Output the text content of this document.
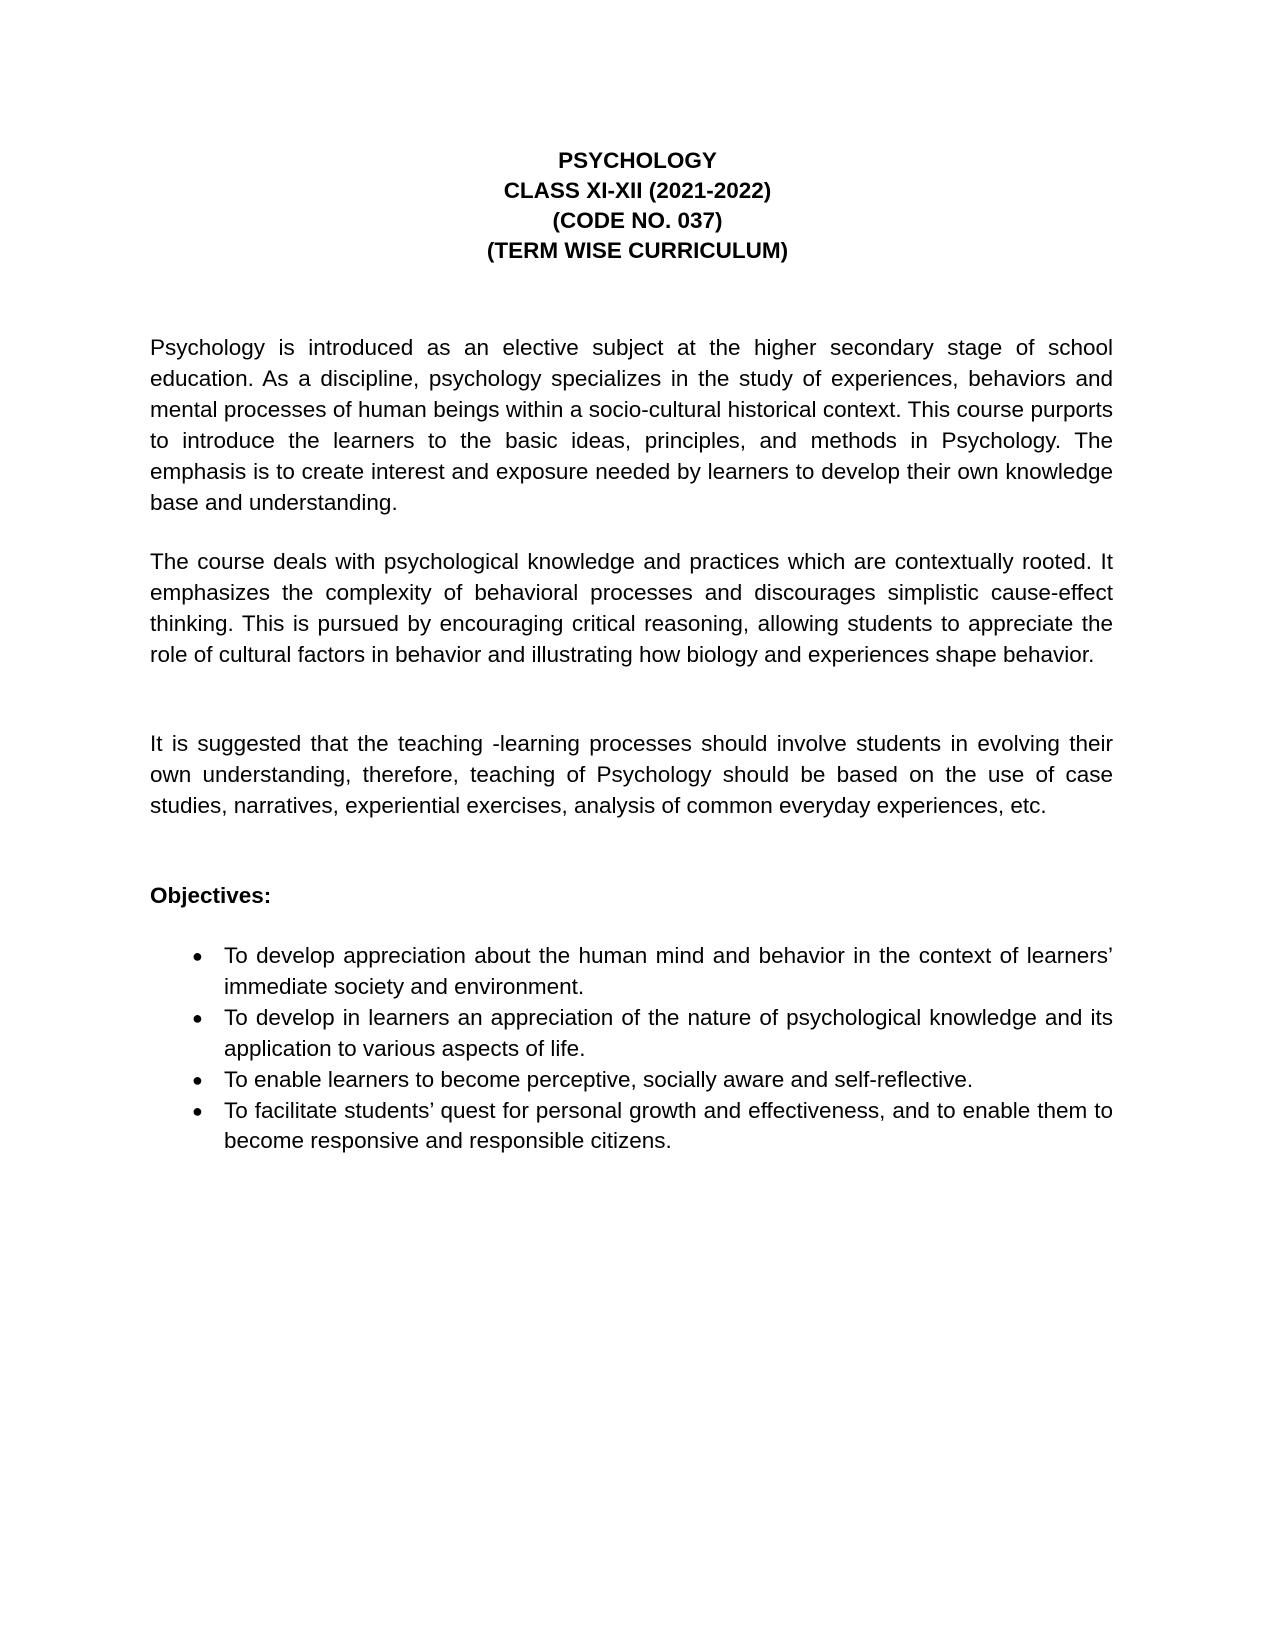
PSYCHOLOGY
CLASS XI-XII (2021-2022)
(CODE NO. 037)
(TERM WISE CURRICULUM)

Psychology is introduced as an elective subject at the higher secondary stage of school education. As a discipline, psychology specializes in the study of experiences, behaviors and mental processes of human beings within a socio-cultural historical context. This course purports to introduce the learners to the basic ideas, principles, and methods in Psychology. The emphasis is to create interest and exposure needed by learners to develop their own knowledge base and understanding.

The course deals with psychological knowledge and practices which are contextually rooted. It emphasizes the complexity of behavioral processes and discourages simplistic cause-effect thinking. This is pursued by encouraging critical reasoning, allowing students to appreciate the role of cultural factors in behavior and illustrating how biology and experiences shape behavior.

It is suggested that the teaching -learning processes should involve students in evolving their own understanding, therefore, teaching of Psychology should be based on the use of case studies, narratives, experiential exercises, analysis of common everyday experiences, etc.

Objectives:

● To develop appreciation about the human mind and behavior in the context of learners’ immediate society and environment.
● To develop in learners an appreciation of the nature of psychological knowledge and its application to various aspects of life.
● To enable learners to become perceptive, socially aware and self-reflective.
● To facilitate students’ quest for personal growth and effectiveness, and to enable them to become responsive and responsible citizens.
